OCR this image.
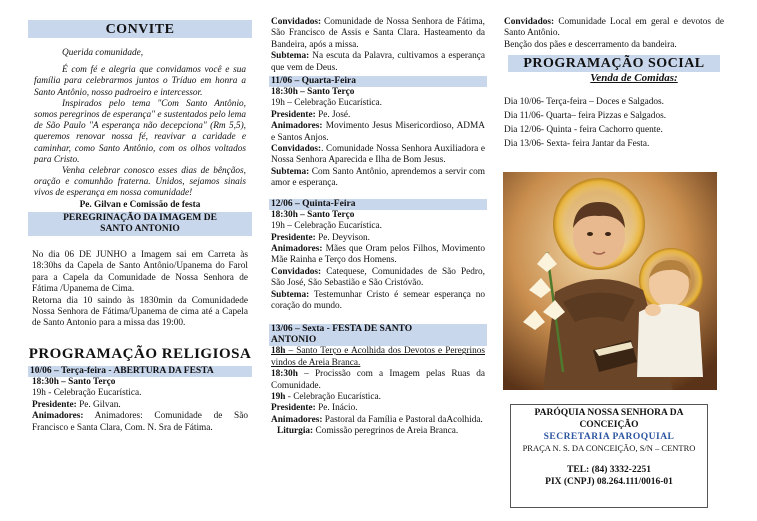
CONVITE

Querida comunidade,

É com fé e alegria que convidamos você e sua família para celebrarmos juntos o Tríduo em honra a Santo Antônio, nosso padroeiro e intercessor.

Inspirados pelo tema "Com Santo Antônio, somos peregrinos de esperança" e sustentados pelo lema de São Paulo "A esperança não decepciona" (Rm 5,5), queremos renovar nossa fé, reavivar a caridade e caminhar, como Santo Antônio, com os olhos voltados para Cristo.

Venha celebrar conosco esses dias de bênçãos, oração e comunhão fraterna. Unidos, sejamos sinais vivos de esperança em nossa comunidade!

Pe. Gilvan e Comissão de festa

PEREGRINAÇÃO DA IMAGEM DE
SANTO ANTONIO

No dia 06 DE JUNHO a Imagem sai em Carreta às 18:30hs da Capela de Santo Antônio/Upanema do Farol para a Capela da Comunidade de Nossa Senhora de Fátima /Upanema de Cima.

Retorna dia 10 saindo às 1830min da Comunidadede Nossa Senhora de Fátima/Upanema de cima até a Capela de Santo Antonio para a missa das 19:00.

PROGRAMAÇÃO RELIGIOSA
10/06 – Terça-feira - ABERTURA DA FESTA

18:30h – Santo Terço

19h - Celebração Eucarística.

Presidente: Pe. Gilvan.

Animadores: Animadores: Comunidade de São Francisco e Santa Clara, Com. N. Sra de Fátima.

Convidados: Comunidade de Nossa Senhora de Fátima, São Francisco de Assis e Santa Clara. Hasteamento da Bandeira, após a missa.

Subtema: Na escuta da Palavra, cultivamos a esperança que vem de Deus.

11/06 – Quarta-Feira

18:30h – Santo Terço

19h – Celebração Eucarística.

Presidente: Pe. José.

Animadores: Movimento Jesus Misericordioso, ADMA e Santos Anjos.

Convidados:. Comunidade Nossa Senhora Auxiliadora e Nossa Senhora Aparecida e Ilha de Bom Jesus.

Subtema: Com Santo Antônio, aprendemos a servir com amor e esperança.

12/06 – Quinta-Feira

18:30h – Santo Terço

19h – Celebração Eucarística.

Presidente: Pe. Deyvison.

Animadores: Mães que Oram pelos Filhos, Movimento Mãe Rainha e Terço dos Homens.

Convidados: Catequese, Comunidades de São Pedro, São José, São Sebastião e São Cristóvão.

Subtema: Testemunhar Cristo é semear esperança no coração do mundo.

13/06 – Sexta - FESTA DE SANTO
ANTONIO

18h – Santo Terço e Acolhida dos Devotos e Peregrinos vindos de Areia Branca.

18:30h – Procissão com a Imagem pelas Ruas da Comunidade.

19h - Celebração Eucarística.

Presidente: Pe. Inácio.

Animadores: Pastoral da Família e Pastoral daAcolhida.

Liturgia: Comissão peregrinos de Areia Branca.

Convidados: Comunidade Local em geral e devotos de Santo Antônio.

Benção dos pães e descerramento da bandeira.

PROGRAMAÇÃO SOCIAL
Venda de Comidas:

Dia 10/06- Terça-feira – Doces e Salgados.

Dia 11/06- Quarta– feira Pizzas e Salgados.

Dia 12/06- Quinta - feira Cachorro quente.

Dia 13/06- Sexta- feira Jantar da Festa.

PARÓQUIA NOSSA SENHORA DA
CONCEIÇÃO
SECRETARIA PAROQUIAL
PRAÇA N. S. DA CONCEIÇÃO, S/N – CENTRO
TEL: (84) 3332-2251
PIX (CNPJ) 08.264.111/0016-01
